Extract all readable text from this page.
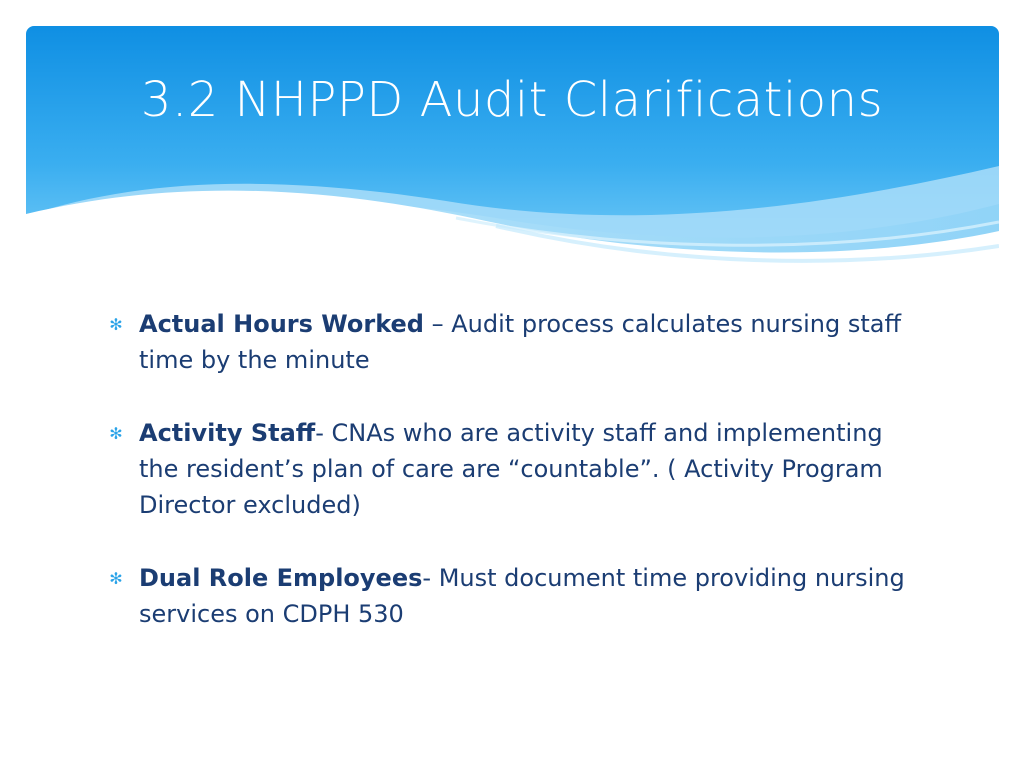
3.2 NHPPD Audit Clarifications
✻ Actual Hours Worked – Audit process calculates nursing staff time by the minute
✻ Activity Staff- CNAs who are activity staff and implementing the resident’s plan of care are “countable”. ( Activity Program Director excluded)
✻ Dual Role Employees- Must document time providing nursing services on CDPH 530
